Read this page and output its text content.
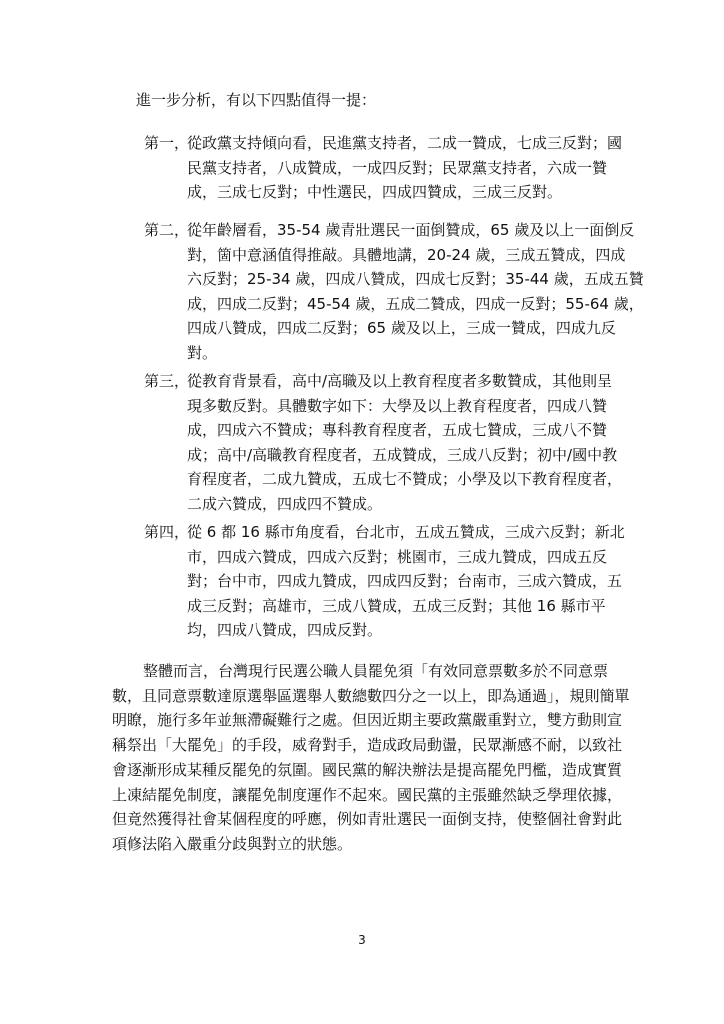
進一步分析，有以下四點值得一提：
第一，
從政黨支持傾向看，民進黨支持者，二成一贊成，七成三反對；國
民黨支持者，八成贊成，一成四反對；民眾黨支持者，六成一贊
成，三成七反對；中性選民，四成四贊成，三成三反對。
第二，
從年齡層看，35-54 歲青壯選民一面倒贊成，65 歲及以上一面倒反
對，箇中意涵值得推敲。具體地講，20-24 歲，三成五贊成，四成
六反對；25-34 歲，四成八贊成，四成七反對；35-44 歲，五成五贊
成，四成二反對；45-54 歲，五成二贊成，四成一反對；55-64 歲，
四成八贊成，四成二反對；65 歲及以上，三成一贊成，四成九反
對。
第三，
從教育背景看，高中/高職及以上教育程度者多數贊成，其他則呈
現多數反對。具體數字如下：大學及以上教育程度者，四成八贊
成，四成六不贊成；專科教育程度者，五成七贊成，三成八不贊
成；高中/高職教育程度者，五成贊成，三成八反對；初中/國中教
育程度者，二成九贊成，五成七不贊成；小學及以下教育程度者，
二成六贊成，四成四不贊成。
第四，
從 6 都 16 縣市角度看，台北市，五成五贊成，三成六反對；新北
市，四成六贊成，四成六反對；桃園市，三成九贊成，四成五反
對；台中市，四成九贊成，四成四反對；台南市，三成六贊成，五
成三反對；高雄市，三成八贊成，五成三反對；其他 16 縣市平
均，四成八贊成，四成反對。
整體而言，台灣現行民選公職人員罷免須「有效同意票數多於不同意票
數，且同意票數達原選舉區選舉人數總數四分之一以上，即為通過」，規則簡單
明瞭，施行多年並無滯礙難行之處。但因近期主要政黨嚴重對立，雙方動則宣
稱祭出「大罷免」的手段，威脅對手，造成政局動盪，民眾漸感不耐，以致社
會逐漸形成某種反罷免的氛圍。國民黨的解決辦法是提高罷免門檻，造成實質
上凍結罷免制度，讓罷免制度運作不起來。國民黨的主張雖然缺乏學理依據，
但竟然獲得社會某個程度的呼應，例如青壯選民一面倒支持，使整個社會對此
項修法陷入嚴重分歧與對立的狀態。
3
